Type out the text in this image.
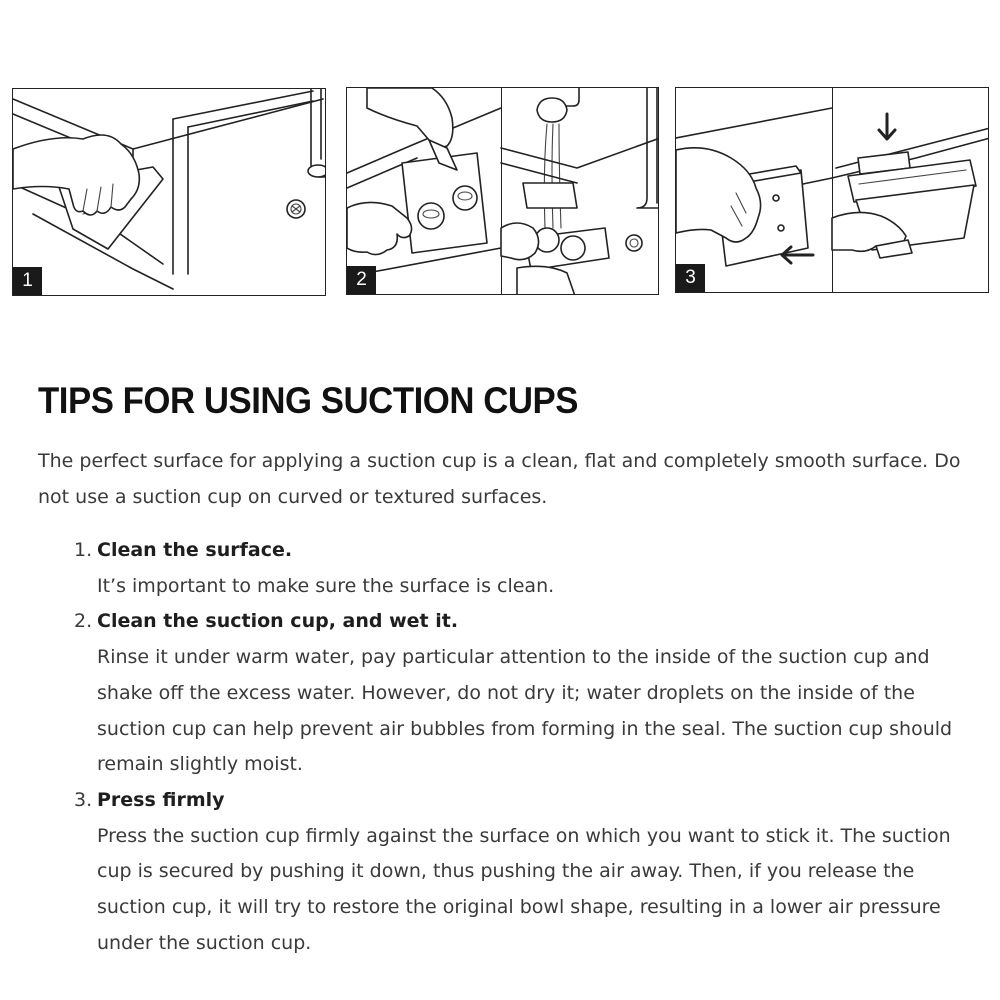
1	2	3
TIPS FOR USING SUCTION CUPS

The perfect surface for applying a suction cup is a clean, flat and completely smooth surface. Do not use a suction cup on curved or textured surfaces.

1. Clean the surface.
It’s important to make sure the surface is clean.
2. Clean the suction cup, and wet it.
Rinse it under warm water, pay particular attention to the inside of the suction cup and shake off the excess water. However, do not dry it; water droplets on the inside of the suction cup can help prevent air bubbles from forming in the seal. The suction cup should remain slightly moist.
3. Press firmly
Press the suction cup firmly against the surface on which you want to stick it. The suction cup is secured by pushing it down, thus pushing the air away. Then, if you release the suction cup, it will try to restore the original bowl shape, resulting in a lower air pressure under the suction cup.
